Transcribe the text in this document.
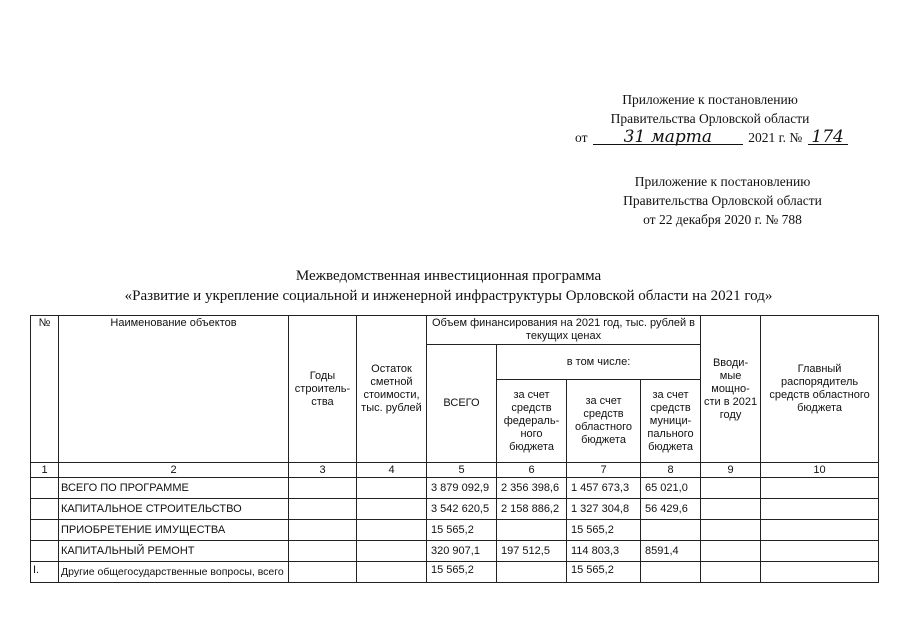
Приложение к постановлению
Правительства Орловской области
от 31 марта	2021 г. № 174
Приложение к постановлению
Правительства Орловской области
от 22 декабря 2020 г. № 788
Межведомственная инвестиционная программа
«Развитие и укрепление социальной и инженерной инфраструктуры Орловской области на 2021 год»
№	Наименование объектов	Годы строитель-ства	Остаток сметной стоимости, тыс. рублей	Объем финансирования на 2021 год, тыс. рублей в текущих ценах				Вводи-мые мощно-сти в 2021 году	Главный распорядитель средств областного бюджета
				ВСЕГО	в том числе:				
					за счет средств федераль-ного бюджета	за счет средств областного бюджета	за счет средств муници-пального бюджета		
1	2	3	4	5	6	7	8	9	10
	ВСЕГО ПО ПРОГРАММЕ			3 879 092,9	2 356 398,6	1 457 673,3	65 021,0		
	КАПИТАЛЬНОЕ СТРОИТЕЛЬСТВО			3 542 620,5	2 158 886,2	1 327 304,8	56 429,6		
	ПРИОБРЕТЕНИЕ ИМУЩЕСТВА			15 565,2		15 565,2			
	КАПИТАЛЬНЫЙ РЕМОНТ			320 907,1	197 512,5	114 803,3	8591,4		
I.	Другие общегосударственные вопросы, всего			15 565,2		15 565,2			
